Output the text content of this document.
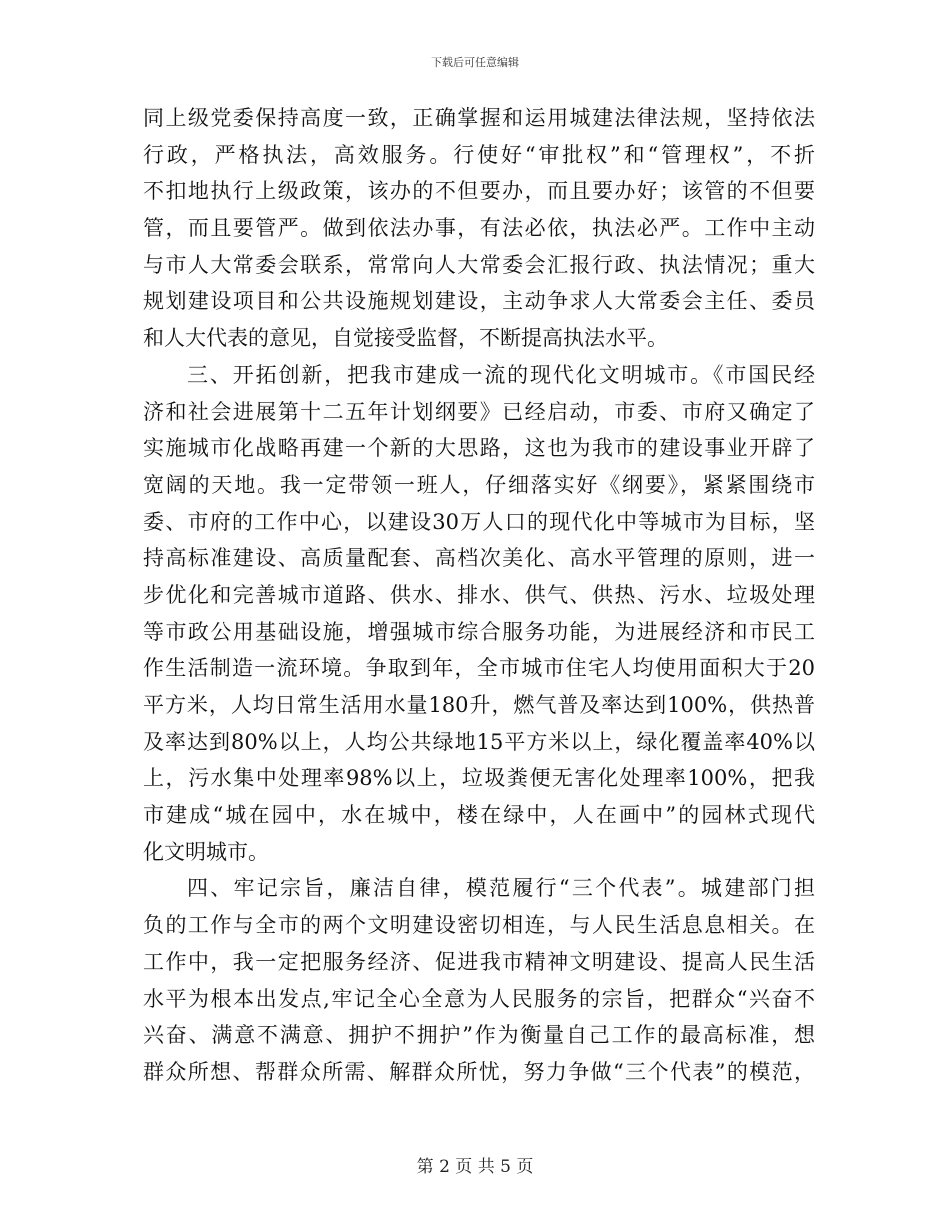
下载后可任意编辑
同上级党委保持高度一致，正确掌握和运用城建法律法规，坚持依法
行政，严格执法，高效服务。行使好“审批权”和“管理权”，不折
不扣地执行上级政策，该办的不但要办，而且要办好；该管的不但要
管，而且要管严。做到依法办事，有法必依，执法必严。工作中主动
与市人大常委会联系，常常向人大常委会汇报行政、执法情况；重大
规划建设项目和公共设施规划建设，主动争求人大常委会主任、委员
和人大代表的意见，自觉接受监督，不断提高执法水平。
三、开拓创新，把我市建成一流的现代化文明城市。《市国民经
济和社会进展第十二五年计划纲要》已经启动，市委、市府又确定了
实施城市化战略再建一个新的大思路，这也为我市的建设事业开辟了
宽阔的天地。我一定带领一班人，仔细落实好《纲要》，紧紧围绕市
委、市府的工作中心，以建设30万人口的现代化中等城市为目标，坚
持高标准建设、高质量配套、高档次美化、高水平管理的原则，进一
步优化和完善城市道路、供水、排水、供气、供热、污水、垃圾处理
等市政公用基础设施，增强城市综合服务功能，为进展经济和市民工
作生活制造一流环境。争取到年，全市城市住宅人均使用面积大于20
平方米，人均日常生活用水量180升，燃气普及率达到100%，供热普
及率达到80%以上，人均公共绿地15平方米以上，绿化覆盖率40%以
上，污水集中处理率98%以上，垃圾粪便无害化处理率100%，把我
市建成“城在园中，水在城中，楼在绿中，人在画中”的园林式现代
化文明城市。
四、牢记宗旨，廉洁自律，模范履行“三个代表”。城建部门担
负的工作与全市的两个文明建设密切相连，与人民生活息息相关。在
工作中，我一定把服务经济、促进我市精神文明建设、提高人民生活
水平为根本出发点,牢记全心全意为人民服务的宗旨，把群众“兴奋不
兴奋、满意不满意、拥护不拥护”作为衡量自己工作的最高标准，想
群众所想、帮群众所需、解群众所忧，努力争做“三个代表”的模范，
第 2 页 共 5 页
